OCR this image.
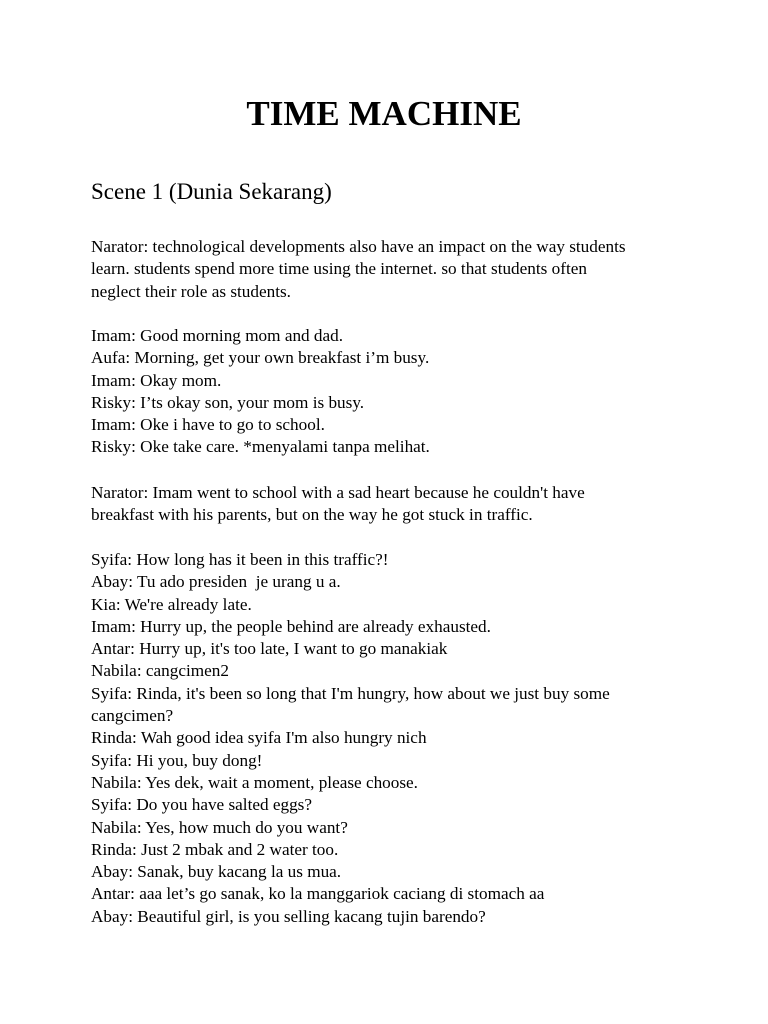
TIME MACHINE
Scene 1 (Dunia Sekarang)
Narator: technological developments also have an impact on the way students
learn. students spend more time using the internet. so that students often
neglect their role as students.
Imam: Good morning mom and dad.
Aufa: Morning, get your own breakfast i’m busy.
Imam: Okay mom.
Risky: I’ts okay son, your mom is busy.
Imam: Oke i have to go to school.
Risky: Oke take care. *menyalami tanpa melihat.
Narator: Imam went to school with a sad heart because he couldn't have
breakfast with his parents, but on the way he got stuck in traffic.
Syifa: How long has it been in this traffic?!
Abay: Tu ado presiden  je urang u a.
Kia: We're already late.
Imam: Hurry up, the people behind are already exhausted.
Antar: Hurry up, it's too late, I want to go manakiak
Nabila: cangcimen2
Syifa: Rinda, it's been so long that I'm hungry, how about we just buy some
cangcimen?
Rinda: Wah good idea syifa I'm also hungry nich
Syifa: Hi you, buy dong!
Nabila: Yes dek, wait a moment, please choose.
Syifa: Do you have salted eggs?
Nabila: Yes, how much do you want?
Rinda: Just 2 mbak and 2 water too.
Abay: Sanak, buy kacang la us mua.
Antar: aaa let’s go sanak, ko la manggariok caciang di stomach aa
Abay: Beautiful girl, is you selling kacang tujin barendo?
